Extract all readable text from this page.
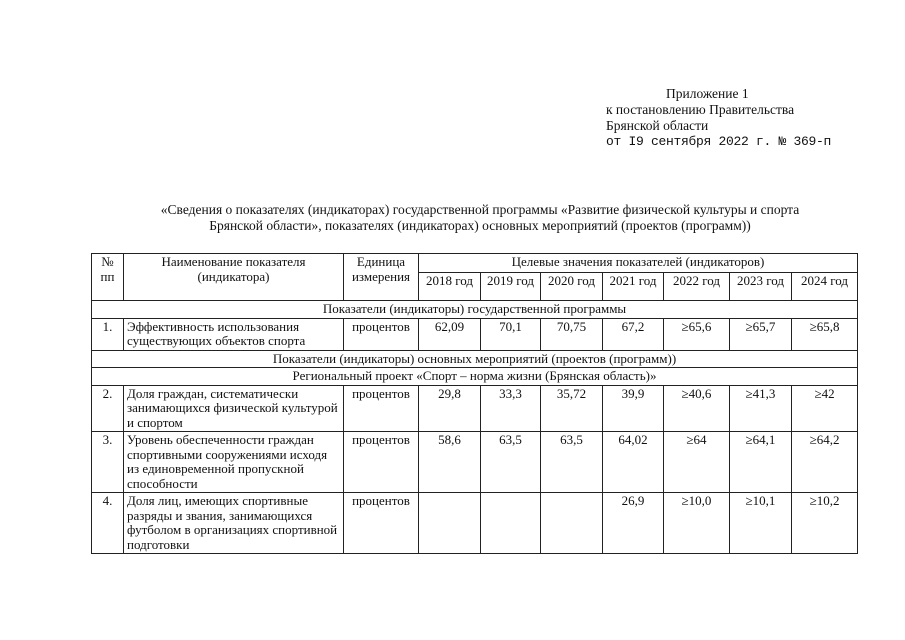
Приложение 1
к постановлению Правительства
Брянской области
от I9 сентября 2022 г. № 369-п
«Сведения о показателях (индикаторах) государственной программы «Развитие физической культуры и спорта
Брянской области», показателях (индикаторах) основных мероприятий (проектов (программ))
№ пп	Наименование показателя (индикатора)	Единица измерения	Целевые значения показателей (индикаторов)						
			2018 год	2019 год	2020 год	2021 год	2022 год	2023 год	2024 год
Показатели (индикаторы) государственной программы									
1.	Эффективность использования существующих объектов спорта	процентов	62,09	70,1	70,75	67,2	≥65,6	≥65,7	≥65,8
Показатели (индикаторы) основных мероприятий (проектов (программ))									
Региональный проект «Спорт – норма жизни (Брянская область)»									
2.	Доля граждан, систематически занимающихся физической культурой и спортом	процентов	29,8	33,3	35,72	39,9	≥40,6	≥41,3	≥42
3.	Уровень обеспеченности граждан спортивными сооружениями исходя из единовременной пропускной способности	процентов	58,6	63,5	63,5	64,02	≥64	≥64,1	≥64,2
4.	Доля лиц, имеющих спортивные разряды и звания, занимающихся футболом в организациях спортивной подготовки	процентов				26,9	≥10,0	≥10,1	≥10,2
